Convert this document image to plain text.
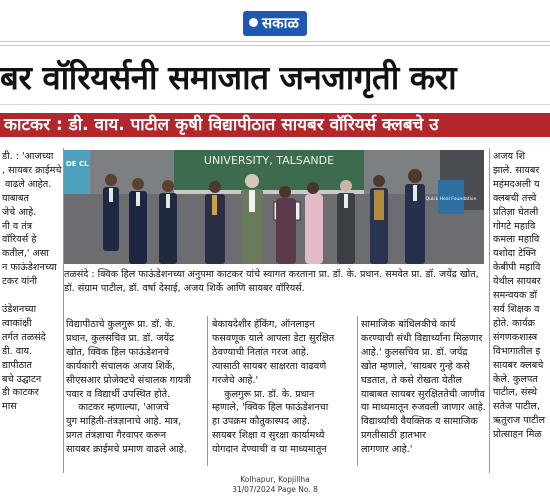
सकाळ
बर वॉरियर्सनी समाजात जनजागृती करा
काटकर : डी. वाय. पाटील कृषी विद्यापीठात सायबर वॉरियर्स क्लबचे उ
डी. : 'आजच्या
, सायबर क्राईमचे
वाढले आहेत.
याबाबत
जेचे आहे.
नी व तंत्र
वॉरियर्स हे
कतील,' असा
न फाऊंडेशनच्या
टकर यांनी

उंडेशनच्या
त्वाकांक्षी
तर्गत तळसंदे
डी. वाय.
द्यापीठात
बचे उद्घाटन
डी काटकर
मास
UNIVERSITY, TALSANDE
DE CL
Quick Heal Foundation
तळसंदे : क्विक हिल फाऊंडेशनच्या अनुपमा काटकर यांचे स्वागत करताना प्रा. डॉ. के. प्रधान. समवेत प्रा. डॉ. जयेंद्र खोत, डॉ. संग्राम पाटील, डॉ. वर्षा देसाई, अजय शिर्के आणि सायबर वॉरियर्स.
विद्यापीठाचे कुलगुरू प्रा. डॉ. के.
प्रधान, कुलसचिव प्रा. डॉ. जयेंद्र
खोत, क्विक हिल फाऊंडेशनचे
कार्यकारी संचालक अजय शिर्के,
सीएसआर प्रोजेक्टचे संचालक गायत्री
पवार व विद्यार्थी उपस्थित होते.
काटकर म्हणाल्या, 'आजचे
युग माहिती-तंत्रज्ञानाचे आहे. मात्र,
प्रगत तंत्रज्ञाचा गैरवापर करून
सायबर क्राईमचे प्रमाण वाढले आहे.
बेकायदेशीर हॅकिंग, ऑनलाइन
फसवणूक याले आपला डेटा सुरक्षित
ठेवण्याची नितांत गरज आहे.
त्यासाठी सायबर साक्षरता वाढवणे
गरजेचे आहे.'
कुलगुरू प्रा. डॉ. के. प्रधान
म्हणाले, 'क्विक हिल फाऊंडेशनचा
हा उपक्रम कौतुकास्पद आहे.
सायबर शिक्षा व सुरक्षा कार्यामध्ये
योगदान देण्याची व या माध्यमातून
सामाजिक बांधिलकीचे कार्य
करण्याची संधी विद्यार्थ्यांना मिळणार
आहे.' कुलसचिव प्रा. डॉ. जयेंद्र
खोत म्हणाले, 'सायबर गुन्हे कसे
घडतात, ते कसे रोखता येतील
याबाबत सायबर सुरक्षिततेची जाणीव
या माध्यमातून रुजवली जाणार आहे.
विद्यार्थ्यांची वैयक्तिक व सामाजिक
प्रगतीसाठी हातभार
लागणार आहे.'
अजय शि
झाले. सायबर
महंमदअली य
क्लबची तत्त्वे
प्रतिज्ञा घेतली
गोगटे महावि
कमला महावि
यशोदा टेक्नि
केबीपी महावि
येथील सायबर
समन्वयक डॉ
सर्व शिक्षक व
होते. कार्यक्र
संगणकशास्त्र
विभागातील इ
सायबर क्लबचे
केले. कुलपत
पाटील, संस्थे
सतेज पाटील,
ऋतुराज पाटील
प्रोत्साहन मिळ
Kolhapur, Kopjillha
31/07/2024 Page No. 8
